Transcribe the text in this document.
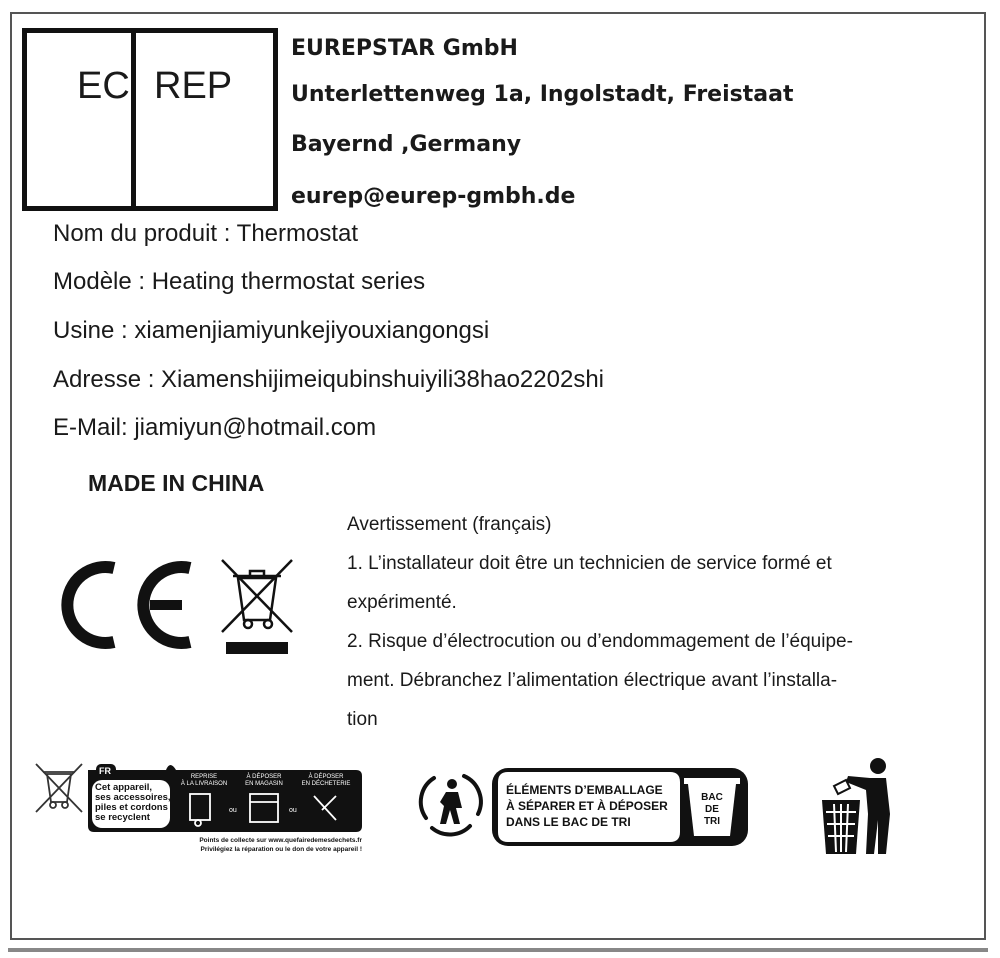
EC REP
EUREPSTAR GmbH
Unterlettenweg 1a, Ingolstadt, Freistaat
Bayernd ,Germany
eurep@eurep-gmbh.de
Nom du produit : Thermostat
Modèle : Heating thermostat series
Usine : xiamenjiamiyunkejiyouxiangongsi
Adresse : Xiamenshijimeiqubinshuiyili38hao2202shi
E-Mail: jiamiyun@hotmail.com
MADE IN CHINA
Avertissement (français)
1. L’installateur doit être un technicien de service formé et
expérimenté.
2. Risque d’électrocution ou d’endommagement de l’équipe-
ment. Débranchez l’alimentation électrique avant l’installa-
tion
FR
Cet appareil,
ses accessoires,
piles et cordons
se recyclent
REPRISE
À LA LIVRAISON
À DÉPOSER
EN MAGASIN
À DÉPOSER
EN DÉCHETERIE
ou	ou
Points de collecte sur www.quefairedemesdechets.fr
Privilégiez la réparation ou le don de votre appareil !
ÉLÉMENTS D’EMBALLAGE
À SÉPARER ET À DÉPOSER
DANS LE BAC DE TRI
BAC
DE
TRI
